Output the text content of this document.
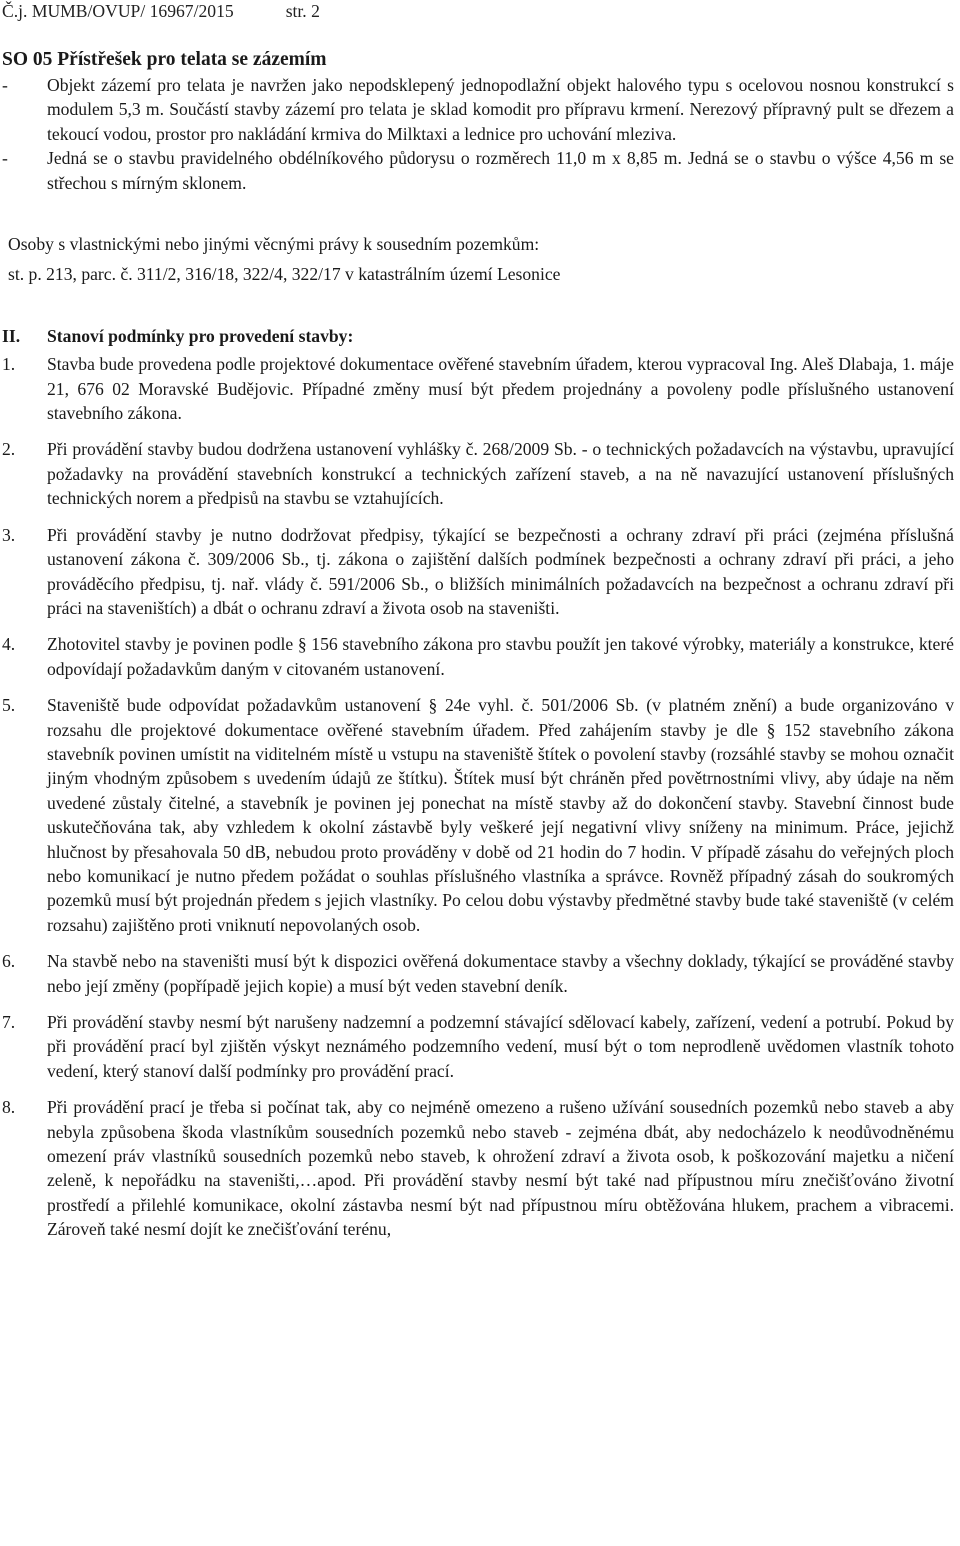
Č.j. MUMB/OVUP/ 16967/2015	str. 2
SO 05 Přístřešek pro telata se zázemím
- Objekt zázemí pro telata je navržen jako nepodsklepený jednopodlažní objekt halového typu s ocelovou nosnou konstrukcí s modulem 5,3 m. Součástí stavby zázemí pro telata je sklad komodit pro přípravu krmení. Nerezový přípravný pult se dřezem a tekoucí vodou, prostor pro nakládání krmiva do Milktaxi a lednice pro uchování mleziva.
- Jedná se o stavbu pravidelného obdélníkového půdorysu o rozměrech 11,0 m x 8,85 m. Jedná se o stavbu o výšce 4,56 m se střechou s mírným sklonem.
Osoby s vlastnickými nebo jinými věcnými právy k sousedním pozemkům:
st. p. 213, parc. č. 311/2, 316/18, 322/4, 322/17 v katastrálním území Lesonice
II.	Stanoví podmínky pro provedení stavby:
1. Stavba bude provedena podle projektové dokumentace ověřené stavebním úřadem, kterou vypracoval Ing. Aleš Dlabaja, 1. máje 21, 676 02 Moravské Budějovic. Případné změny musí být předem projednány a povoleny podle příslušného ustanovení stavebního zákona.
2. Při provádění stavby budou dodržena ustanovení vyhlášky č. 268/2009 Sb. - o technických požadavcích na výstavbu, upravující požadavky na provádění stavebních konstrukcí a technických zařízení staveb, a na ně navazující ustanovení příslušných technických norem a předpisů na stavbu se vztahujících.
3. Při provádění stavby je nutno dodržovat předpisy, týkající se bezpečnosti a ochrany zdraví při práci (zejména příslušná ustanovení zákona č. 309/2006 Sb., tj. zákona o zajištění dalších podmínek bezpečnosti a ochrany zdraví při práci, a jeho prováděcího předpisu, tj. nař. vlády č. 591/2006 Sb., o bližších minimálních požadavcích na bezpečnost a ochranu zdraví při práci na staveništích) a dbát o ochranu zdraví a života osob na staveništi.
4. Zhotovitel stavby je povinen podle § 156 stavebního zákona pro stavbu použít jen takové výrobky, materiály a konstrukce, které odpovídají požadavkům daným v citovaném ustanovení.
5. Staveniště bude odpovídat požadavkům ustanovení § 24e vyhl. č. 501/2006 Sb. (v platném znění) a bude organizováno v rozsahu dle projektové dokumentace ověřené stavebním úřadem. Před zahájením stavby je dle § 152 stavebního zákona stavebník povinen umístit na viditelném místě u vstupu na staveniště štítek o povolení stavby (rozsáhlé stavby se mohou označit jiným vhodným způsobem s uvedením údajů ze štítku). Štítek musí být chráněn před povětrnostními vlivy, aby údaje na něm uvedené zůstaly čitelné, a stavebník je povinen jej ponechat na místě stavby až do dokončení stavby. Stavební činnost bude uskutečňována tak, aby vzhledem k okolní zástavbě byly veškeré její negativní vlivy sníženy na minimum. Práce, jejichž hlučnost by přesahovala 50 dB, nebudou proto prováděny v době od 21 hodin do 7 hodin. V případě zásahu do veřejných ploch nebo komunikací je nutno předem požádat o souhlas příslušného vlastníka a správce. Rovněž případný zásah do soukromých pozemků musí být projednán předem s jejich vlastníky. Po celou dobu výstavby předmětné stavby bude také staveniště (v celém rozsahu) zajištěno proti vniknutí nepovolaných osob.
6. Na stavbě nebo na staveništi musí být k dispozici ověřená dokumentace stavby a všechny doklady, týkající se prováděné stavby nebo její změny (popřípadě jejich kopie) a musí být veden stavební deník.
7. Při provádění stavby nesmí být narušeny nadzemní a podzemní stávající sdělovací kabely, zařízení, vedení a potrubí. Pokud by při provádění prací byl zjištěn výskyt neznámého podzemního vedení, musí být o tom neprodleně uvědomen vlastník tohoto vedení, který stanoví další podmínky pro provádění prací.
8. Při provádění prací je třeba si počínat tak, aby co nejméně omezeno a rušeno užívání sousedních pozemků nebo staveb a aby nebyla způsobena škoda vlastníkům sousedních pozemků nebo staveb - zejména dbát, aby nedocházelo k neodůvodněnému omezení práv vlastníků sousedních pozemků nebo staveb, k ohrožení zdraví a života osob, k poškozování majetku a ničení zeleně, k nepořádku na staveništi,…apod. Při provádění stavby nesmí být také nad přípustnou míru znečišťováno životní prostředí a přilehlé komunikace, okolní zástavba nesmí být nad přípustnou míru obtěžována hlukem, prachem a vibracemi. Zároveň také nesmí dojít ke znečišťování terénu,
